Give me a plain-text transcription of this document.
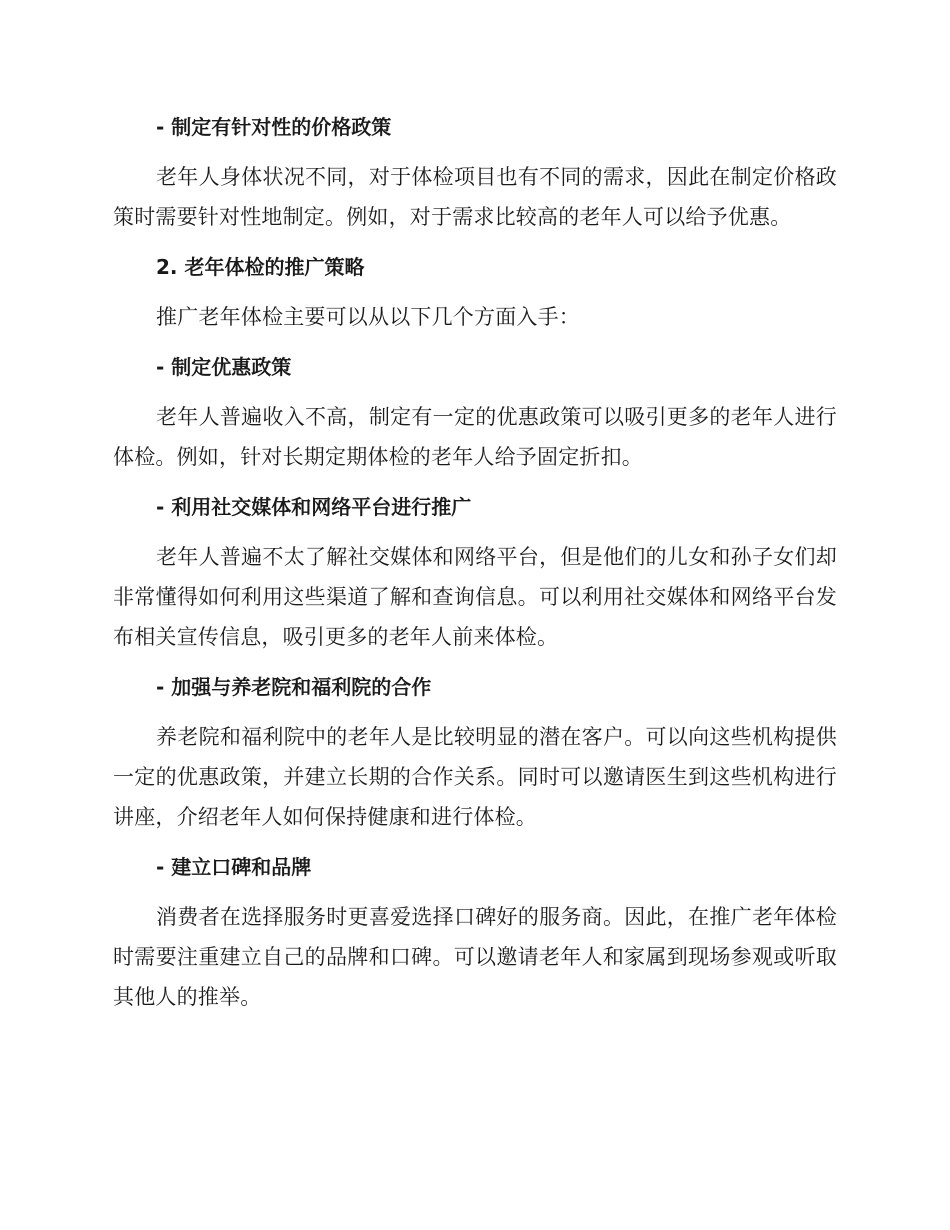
- 制定有针对性的价格政策

老年人身体状况不同，对于体检项目也有不同的需求，因此在制定价格政策时需要针对性地制定。例如，对于需求比较高的老年人可以给予优惠。

2. 老年体检的推广策略

推广老年体检主要可以从以下几个方面入手：

- 制定优惠政策

老年人普遍收入不高，制定有一定的优惠政策可以吸引更多的老年人进行体检。例如，针对长期定期体检的老年人给予固定折扣。

- 利用社交媒体和网络平台进行推广

老年人普遍不太了解社交媒体和网络平台，但是他们的儿女和孙子女们却非常懂得如何利用这些渠道了解和查询信息。可以利用社交媒体和网络平台发布相关宣传信息，吸引更多的老年人前来体检。

- 加强与养老院和福利院的合作

养老院和福利院中的老年人是比较明显的潜在客户。可以向这些机构提供一定的优惠政策，并建立长期的合作关系。同时可以邀请医生到这些机构进行讲座，介绍老年人如何保持健康和进行体检。

- 建立口碑和品牌

消费者在选择服务时更喜爱选择口碑好的服务商。因此，在推广老年体检时需要注重建立自己的品牌和口碑。可以邀请老年人和家属到现场参观或听取其他人的推举。
